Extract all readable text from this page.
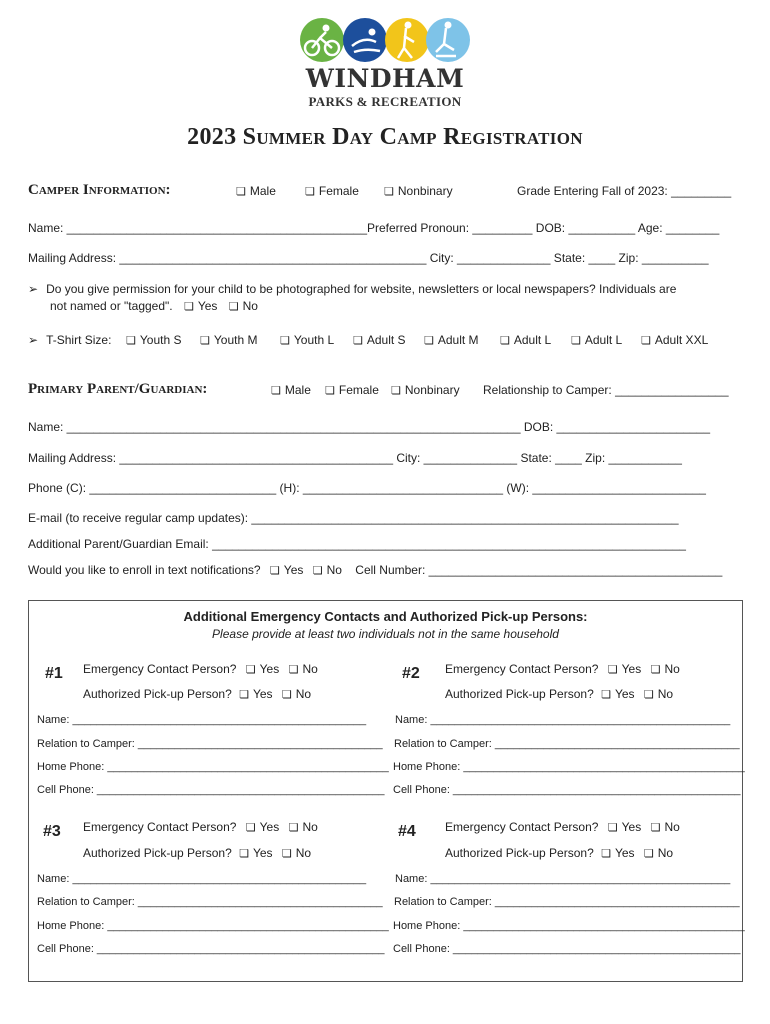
WINDHAM
PARKS & RECREATION
2023 Summer Day Camp Registration
Camper Information:	❏ Male	❏ Female	❏ Nonbinary	Grade Entering Fall of 2023: _________
Name: _____________________________________________Preferred Pronoun: _________ DOB: __________ Age: ________
Mailing Address: ______________________________________________ City: ______________ State: ____ Zip: __________
➢ Do you give permission for your child to be photographed for website, newsletters or local newspapers? Individuals are
not named or "tagged". ❏ Yes ❏ No
➢ T-Shirt Size:	❏ Youth S	❏ Youth M	❏ Youth L	❏ Adult S	❏ Adult M	❏ Adult L	❏ Adult L	❏ Adult XXL
Primary Parent/Guardian:	❏ Male	❏ Female	❏ Nonbinary Relationship to Camper: _________________
Name: ____________________________________________________________________ DOB: _______________________
Mailing Address: _________________________________________ City: ______________ State: ____ Zip: ___________
Phone (C): ____________________________ (H): ______________________________ (W): __________________________
E-mail (to receive regular camp updates): ________________________________________________________________
Additional Parent/Guardian Email: _______________________________________________________________________
Would you like to enroll in text notifications? ❏ Yes ❏ No Cell Number: ____________________________________________
Additional Emergency Contacts and Authorized Pick-up Persons:
Please provide at least two individuals not in the same household
#1 Emergency Contact Person? ❏ Yes ❏ No
Authorized Pick-up Person? ❏ Yes ❏ No
Name: ________________________________________________
Relation to Camper: ________________________________________
Home Phone: ______________________________________________
Cell Phone: _______________________________________________
#2 Emergency Contact Person? ❏ Yes ❏ No
Authorized Pick-up Person? ❏ Yes ❏ No
Name: _________________________________________________
Relation to Camper: ________________________________________
Home Phone: ______________________________________________
Cell Phone: _______________________________________________
#3 Emergency Contact Person? ❏ Yes ❏ No
Authorized Pick-up Person? ❏ Yes ❏ No
Name: ________________________________________________
Relation to Camper: ________________________________________
Home Phone: ______________________________________________
Cell Phone: _______________________________________________
#4 Emergency Contact Person? ❏ Yes ❏ No
Authorized Pick-up Person? ❏ Yes ❏ No
Name: _________________________________________________
Relation to Camper: ________________________________________
Home Phone: ______________________________________________
Cell Phone: _______________________________________________
